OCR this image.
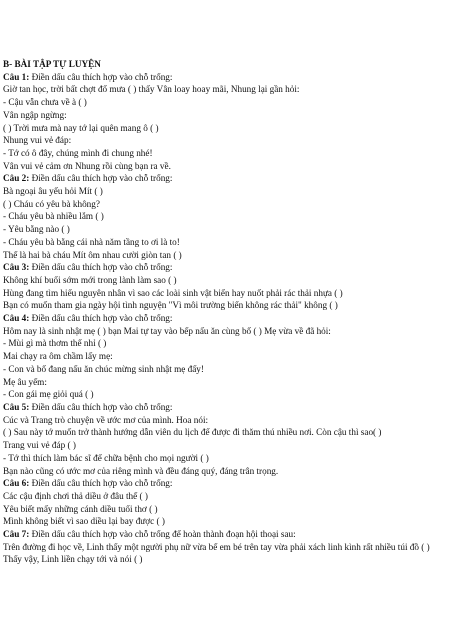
B- BÀI TẬP TỰ LUYỆN
Câu 1: Điền dấu câu thích hợp vào chỗ trống:
Giờ tan học, trời bất chợt đổ mưa ( ) thấy Vân loay hoay mãi, Nhung lại gần hỏi:
- Cậu vẫn chưa về à ( )
Vân ngập ngừng:
( ) Trời mưa mà nay tớ lại quên mang ô ( )
Nhung vui vẻ đáp:
- Tớ có ô đây, chúng mình đi chung nhé!
Vân vui vẻ cảm ơn Nhung rồi cùng bạn ra về.
Câu 2: Điền dấu câu thích hợp vào chỗ trống:
Bà ngoại âu yếu hỏi Mít ( )
( ) Cháu có yêu bà không?
- Cháu yêu bà nhiều lắm ( )
- Yêu bằng nào ( )
- Cháu yêu bà bằng cái nhà năm tầng to ơi là to!
Thế là hai bà cháu Mít ôm nhau cười giòn tan ( )
Câu 3: Điền dấu câu thích hợp vào chỗ trống:
Không khí buổi sớm mới trong lành làm sao ( )
Hùng đang tìm hiểu nguyên nhân vì sao các loài sinh vật biển hay nuốt phải rác thải nhựa ( )
Bạn có muốn tham gia ngày hội tình nguyện "Vì môi trường biển không rác thải" không ( )
Câu 4: Điền dấu câu thích hợp vào chỗ trống:
Hôm nay là sinh nhật mẹ ( ) bạn Mai tự tay vào bếp nấu ăn cùng bố ( ) Mẹ vừa về đã hỏi:
- Mùi gì mà thơm thế nhỉ ( )
Mai chạy ra ôm chầm lấy mẹ:
- Con và bố đang nấu ăn chúc mừng sinh nhật mẹ đấy!
Mẹ âu yếm:
- Con gái mẹ giỏi quá ( )
Câu 5: Điền dấu câu thích hợp vào chỗ trống:
Cúc và Trang trò chuyện về ước mơ của mình. Hoa nói:
( ) Sau này tớ muốn trở thành hướng dẫn viên du lịch để được đi thăm thú nhiều nơi. Còn cậu thì sao( )
Trang vui vẻ đáp ( )
- Tớ thì thích làm bác sĩ để chữa bệnh cho mọi người ( )
Bạn nào cũng có ước mơ của riêng mình và đều đáng quý, đáng trân trọng.
Câu 6: Điền dấu câu thích hợp vào chỗ trống:
Các cậu định chơi thả diều ở đâu thế ( )
Yêu biết mấy những cánh diều tuổi thơ ( )
Mình không biết vì sao diều lại bay được ( )
Câu 7: Điền dấu câu thích hợp vào chỗ trống để hoàn thành đoạn hội thoại sau:
Trên đường đi học về, Linh thấy một người phụ nữ vừa bế em bé trên tay vừa phải xách linh kình rất nhiều túi đồ ( ) Thấy vậy, Linh liền chạy tới và nói ( )
